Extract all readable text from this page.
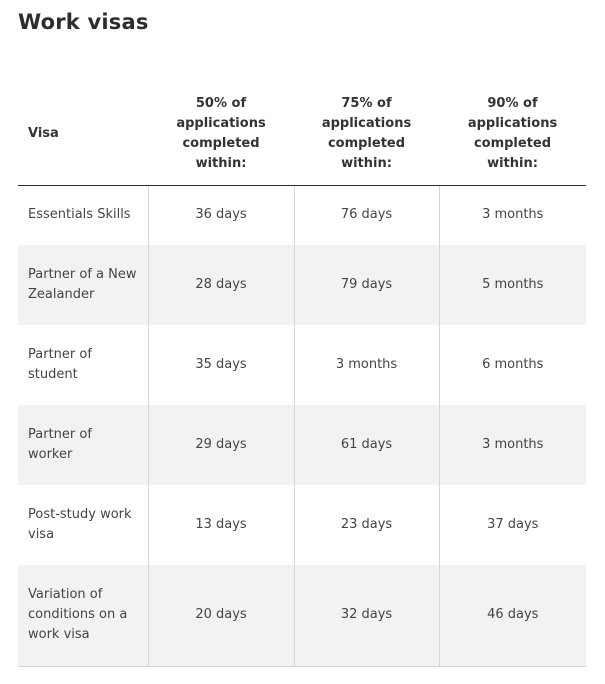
Work visas
Visa	50% of applications completed within:	75% of applications completed within:	90% of applications completed within:
Essentials Skills	36 days	76 days	3 months
Partner of a New Zealander	28 days	79 days	5 months
Partner of student	35 days	3 months	6 months
Partner of worker	29 days	61 days	3 months
Post-study work visa	13 days	23 days	37 days
Variation of conditions on a work visa	20 days	32 days	46 days
